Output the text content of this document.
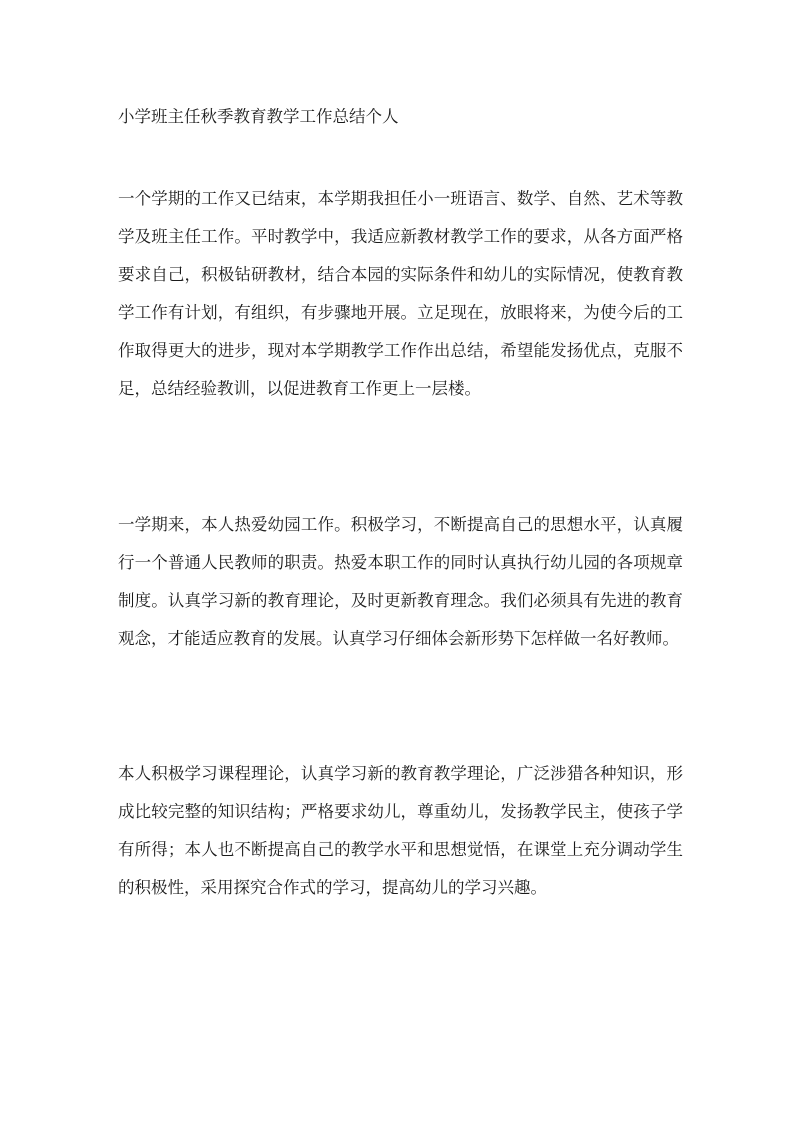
小学班主任秋季教育教学工作总结个人

一个学期的工作又已结束，本学期我担任小一班语言、数学、自然、艺术等教学及班主任工作。平时教学中，我适应新教材教学工作的要求，从各方面严格要求自己，积极钻研教材，结合本园的实际条件和幼儿的实际情况，使教育教学工作有计划，有组织，有步骤地开展。立足现在，放眼将来，为使今后的工作取得更大的进步，现对本学期教学工作作出总结，希望能发扬优点，克服不足，总结经验教训，以促进教育工作更上一层楼。

一学期来，本人热爱幼园工作。积极学习，不断提高自己的思想水平，认真履行一个普通人民教师的职责。热爱本职工作的同时认真执行幼儿园的各项规章制度。认真学习新的教育理论，及时更新教育理念。我们必须具有先进的教育观念，才能适应教育的发展。认真学习仔细体会新形势下怎样做一名好教师。

本人积极学习课程理论，认真学习新的教育教学理论，广泛涉猎各种知识，形成比较完整的知识结构；严格要求幼儿，尊重幼儿，发扬教学民主，使孩子学有所得；本人也不断提高自己的教学水平和思想觉悟，在课堂上充分调动学生的积极性，采用探究合作式的学习，提高幼儿的学习兴趣。
